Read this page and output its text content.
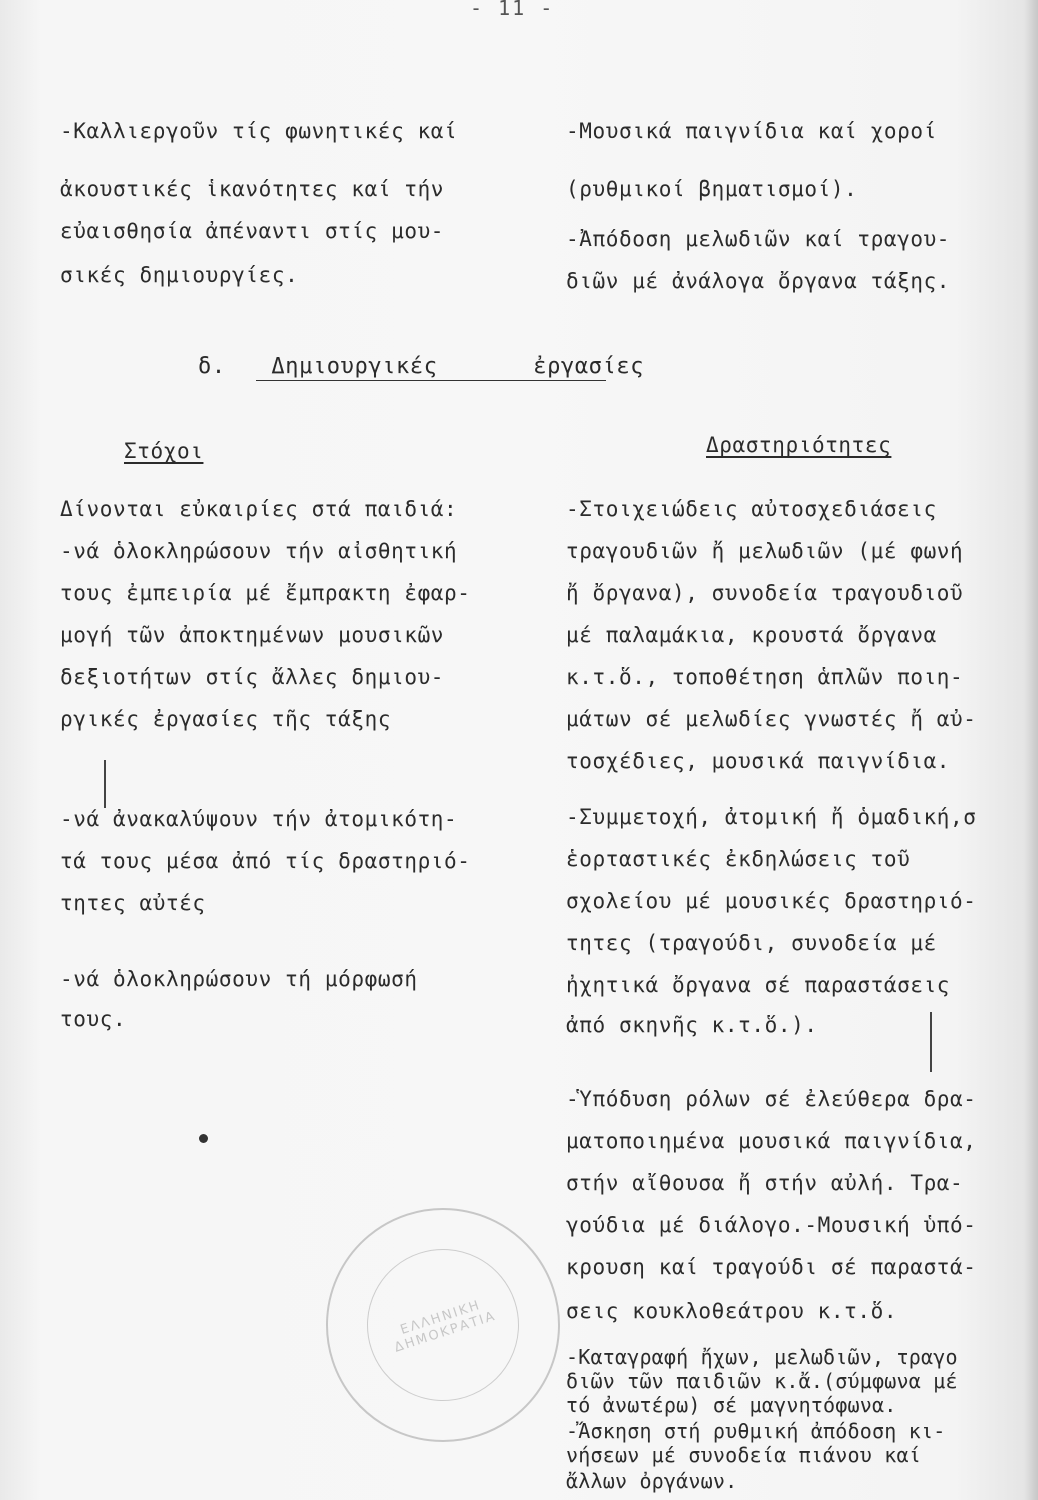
- 11 -
-Καλλιεργοῦν τίς φωνητικές καί
ἀκουστικές ἱκανότητες καί τήν
εὐαισθησία ἀπέναντι στίς μου-
σικές δημιουργίες.
-Μουσικά παιγνίδια καί χοροί
(ρυθμικοί βηματισμοί).
-Ἀπόδοση μελωδιῶν καί τραγου-
διῶν μέ ἀνάλογα ὄργανα τάξης.
δ. Δημιουργικές	ἐργασίες
Στόχοι	Δραστηριότητες
Δίνονται εὐκαιρίες στά παιδιά:
-νά ὁλοκληρώσουν τήν αἰσθητική
τους ἐμπειρία μέ ἔμπρακτη ἐφαρ-
μογή τῶν ἀποκτημένων μουσικῶν
δεξιοτήτων στίς ἄλλες δημιου-
ργικές ἐργασίες τῆς τάξης
-νά ἀνακαλύψουν τήν ἀτομικότη-
τά τους μέσα ἀπό τίς δραστηριό-
τητες αὐτές
-νά ὁλοκληρώσουν τή μόρφωσή
τους.
-Στοιχειώδεις αὐτοσχεδιάσεις
τραγουδιῶν ἤ μελωδιῶν (μέ φωνή
ἤ ὄργανα), συνοδεία τραγουδιοῦ
μέ παλαμάκια, κρουστά ὄργανα
κ.τ.ὅ., τοποθέτηση ἁπλῶν ποιη-
μάτων σέ μελωδίες γνωστές ἤ αὐ-
τοσχέδιες, μουσικά παιγνίδια.
-Συμμετοχή, ἀτομική ἤ ὁμαδική,σ
ἑορταστικές ἐκδηλώσεις τοῦ
σχολείου μέ μουσικές δραστηριό-
τητες (τραγούδι, συνοδεία μέ
ἠχητικά ὄργανα σέ παραστάσεις
ἀπό σκηνῆς κ.τ.ὅ.).
-Ὑπόδυση ρόλων σέ ἐλεύθερα δρα-
ματοποιημένα μουσικά παιγνίδια,
στήν αἴθουσα ἤ στήν αὐλή. Τρα-
γούδια μέ διάλογο.-Μουσική ὑπό-
κρουση καί τραγούδι σέ παραστά-
σεις κουκλοθεάτρου κ.τ.ὅ.
-Καταγραφή ἤχων, μελωδιῶν, τραγο
διῶν τῶν παιδιῶν κ.ἄ.(σύμφωνα μέ
τό ἀνωτέρω) σέ μαγνητόφωνα.
-Ἄσκηση στή ρυθμική ἀπόδοση κι-
νήσεων μέ συνοδεία πιάνου καί
ἄλλων ὀργάνων.
ΕΛΛΗΝΙΚΗ ΔΗΜΟΚΡΑΤΙΑ
